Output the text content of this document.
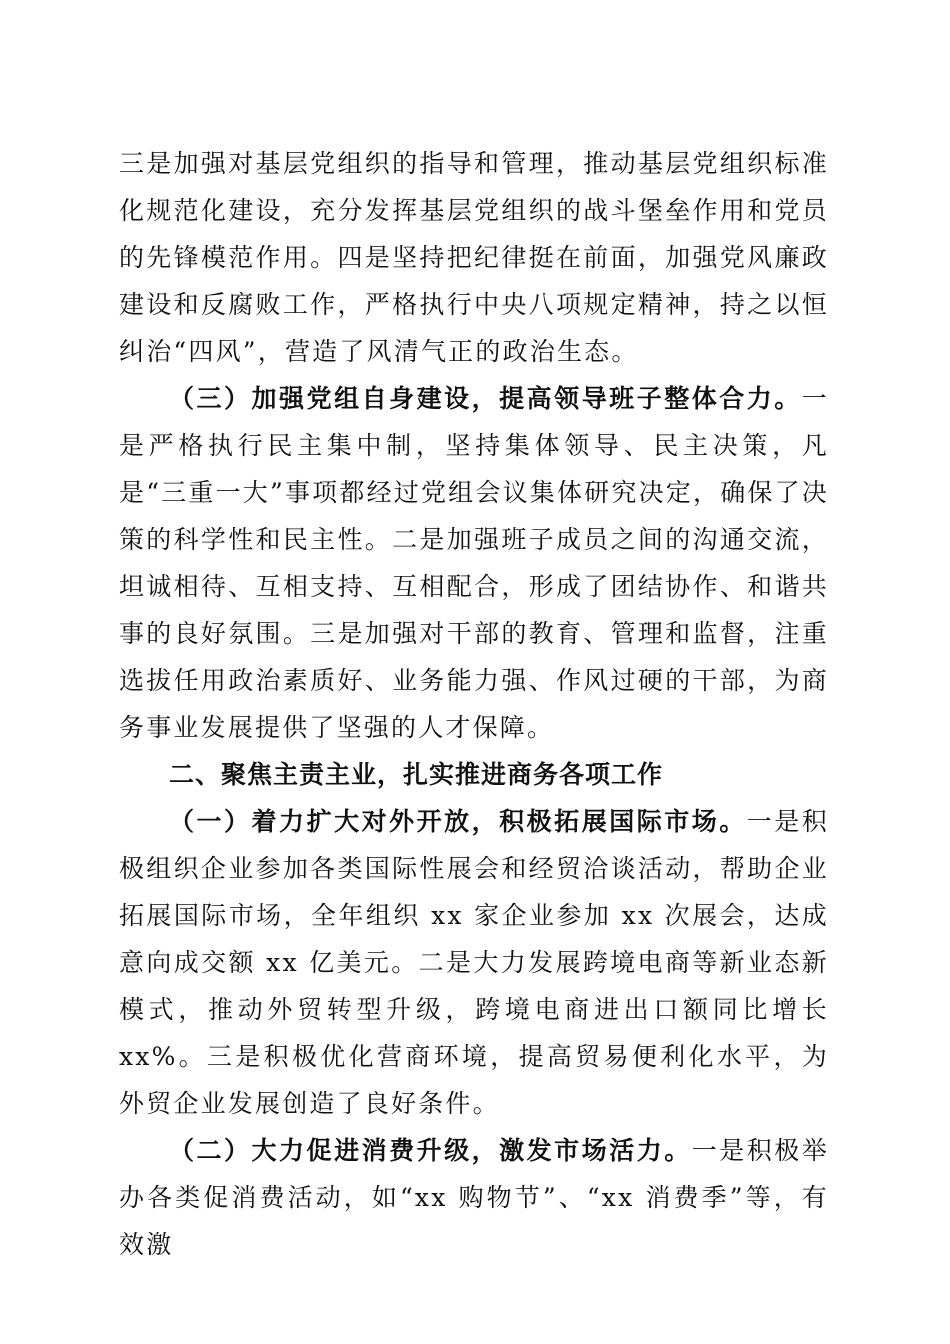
三是加强对基层党组织的指导和管理，推动基层党组织标准化规范化建设，充分发挥基层党组织的战斗堡垒作用和党员的先锋模范作用。四是坚持把纪律挺在前面，加强党风廉政建设和反腐败工作，严格执行中央八项规定精神，持之以恒纠治“四风”，营造了风清气正的政治生态。

（三）加强党组自身建设，提高领导班子整体合力。一是严格执行民主集中制，坚持集体领导、民主决策，凡是“三重一大”事项都经过党组会议集体研究决定，确保了决策的科学性和民主性。二是加强班子成员之间的沟通交流，坦诚相待、互相支持、互相配合，形成了团结协作、和谐共事的良好氛围。三是加强对干部的教育、管理和监督，注重选拔任用政治素质好、业务能力强、作风过硬的干部，为商务事业发展提供了坚强的人才保障。

二、聚焦主责主业，扎实推进商务各项工作

（一）着力扩大对外开放，积极拓展国际市场。一是积极组织企业参加各类国际性展会和经贸洽谈活动，帮助企业拓展国际市场，全年组织 xx 家企业参加 xx 次展会，达成意向成交额 xx 亿美元。二是大力发展跨境电商等新业态新模式，推动外贸转型升级，跨境电商进出口额同比增长 xx%。三是积极优化营商环境，提高贸易便利化水平，为外贸企业发展创造了良好条件。

（二）大力促进消费升级，激发市场活力。一是积极举办各类促消费活动，如“xx 购物节”、“xx 消费季”等，有效激
